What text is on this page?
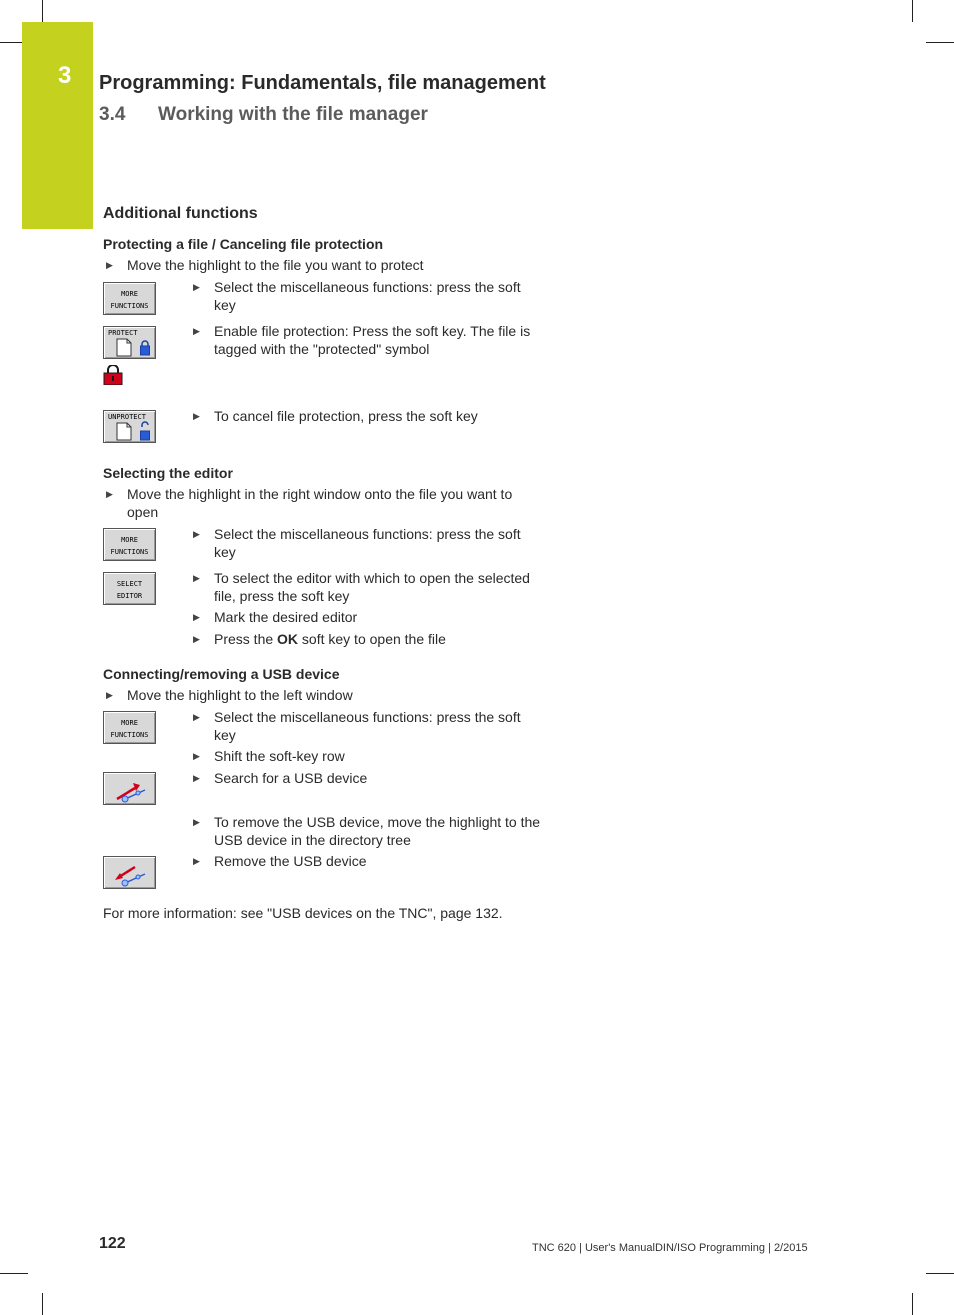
3 Programming: Fundamentals, file management
3.4 Working with the file manager
Additional functions
Protecting a file / Canceling file protection
▶	Move the highlight to the file you want to protect
MORE
FUNCTIONS
▶	Select the miscellaneous functions: press the soft key
PROTECT	▶	Enable file protection: Press the soft key. The file is tagged with the "protected" symbol
UNPROTECT	▶	To cancel file protection, press the soft key
Selecting the editor
▶	Move the highlight in the right window onto the file you want to open
MORE
FUNCTIONS
▶	Select the miscellaneous functions: press the soft key
SELECT
EDITOR
▶	To select the editor with which to open the selected file, press the soft key
▶	Mark the desired editor
▶	Press the OK soft key to open the file
Connecting/removing a USB device
▶	Move the highlight to the left window
MORE
FUNCTIONS
▶	Select the miscellaneous functions: press the soft key
▶	Shift the soft-key row
▶	Search for a USB device
▶	To remove the USB device, move the highlight to the USB device in the directory tree
▶	Remove the USB device
For more information: see "USB devices on the TNC", page 132.
122	TNC 620 | User's ManualDIN/ISO Programming | 2/2015
